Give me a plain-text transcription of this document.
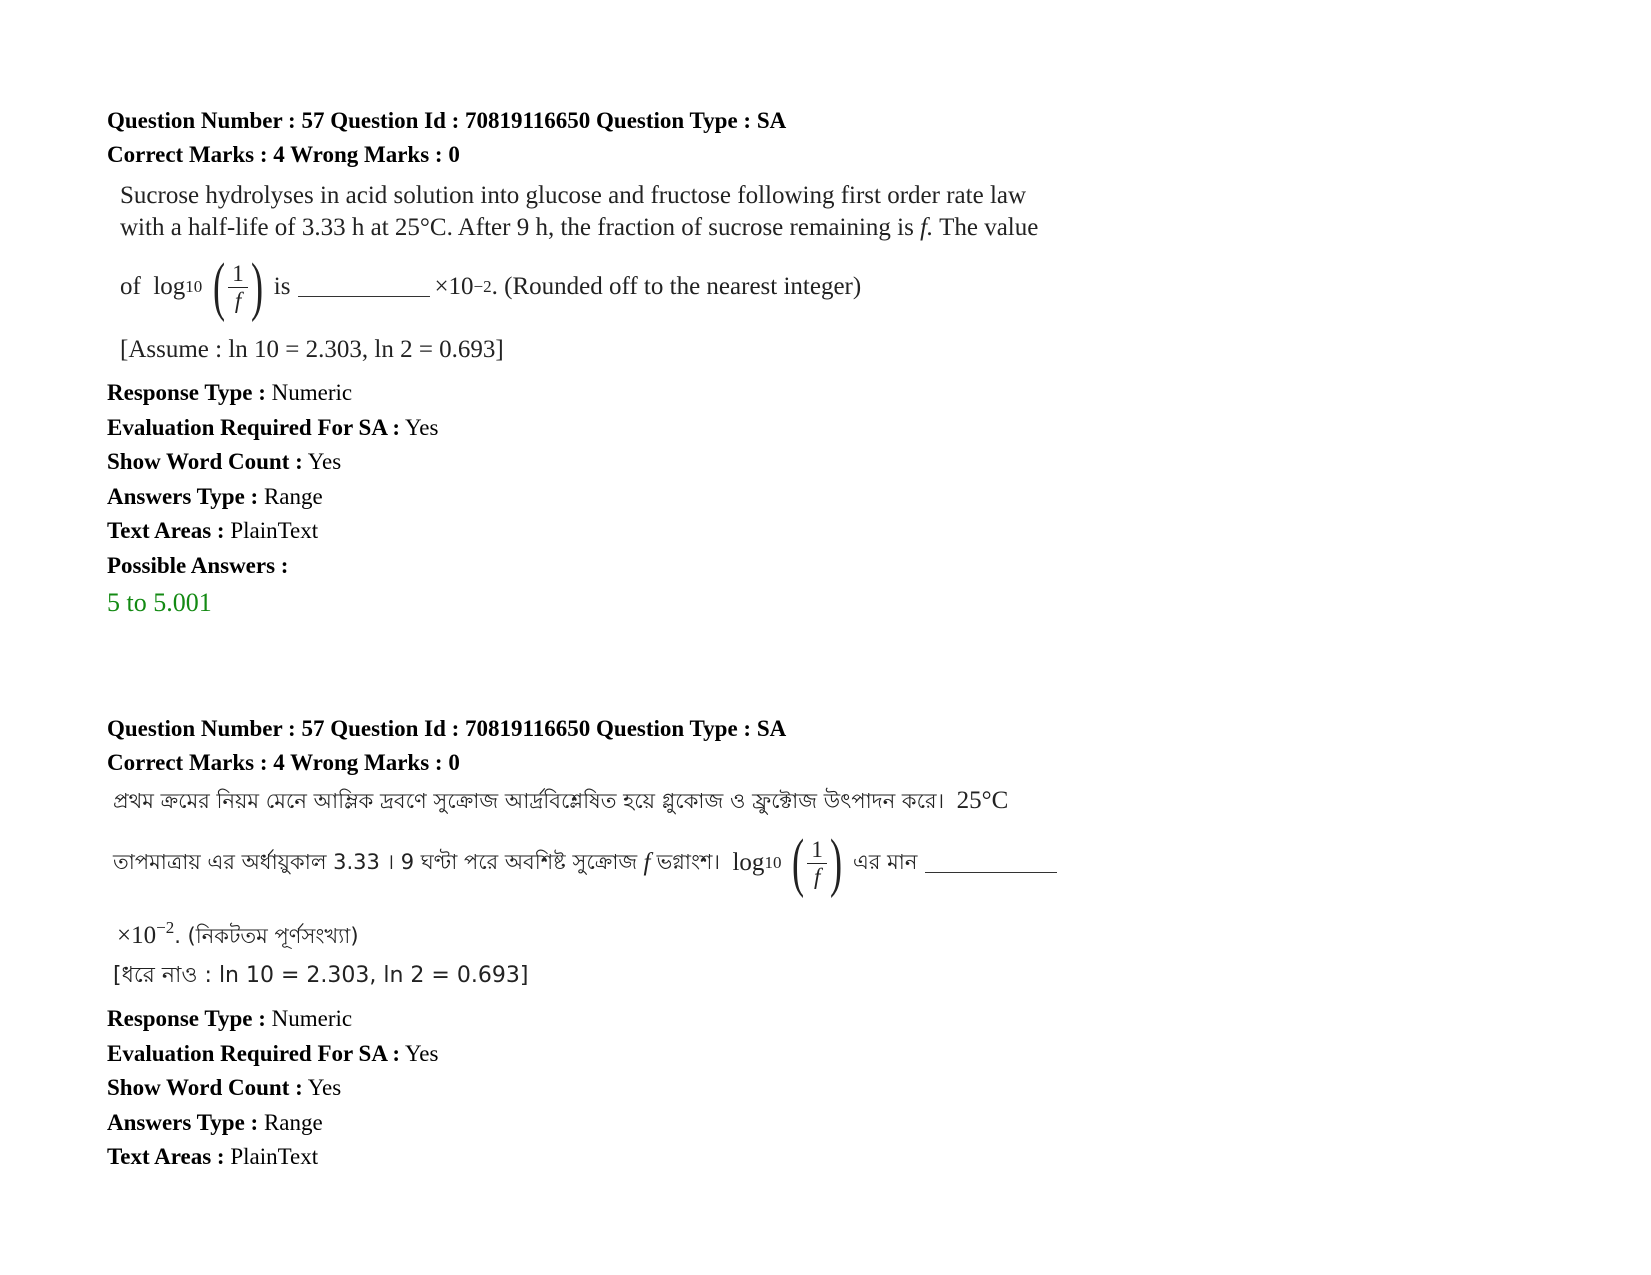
Question Number : 57 Question Id : 70819116650 Question Type : SA
Correct Marks : 4 Wrong Marks : 0
Sucrose hydrolyses in acid solution into glucose and fructose following first order rate law
with a half-life of 3.33 h at 25°C. After 9 h, the fraction of sucrose remaining is f. The value
of
log 10 ( $\frac{1}{f}$ ) is	×10 −2 . (Rounded off to the nearest integer)
[Assume : ln 10 = 2.303, ln 2 = 0.693]
Response Type : Numeric
Evaluation Required For SA : Yes
Show Word Count : Yes
Answers Type : Range
Text Areas : PlainText
Possible Answers :
5 to 5.001
Question Number : 57 Question Id : 70819116650 Question Type : SA
Correct Marks : 4 Wrong Marks : 0
প্রথম ক্রমের নিয়ম মেনে আম্লিক দ্রবণে সুক্রোজ আর্দ্রবিশ্লেষিত হয়ে গ্লুকোজ ও ফ্রুক্টোজ উৎপাদন করে। 25°C
তাপমাত্রায় এর অর্ধায়ুকাল 3.33 । 9 ঘণ্টা পরে অবশিষ্ট সুক্রোজ
f
ভগ্নাংশ।
log 10 ( $\frac{1}{f}$ ) এর মান
$\times 10^{-2}$. (নিকটতম পূর্ণসংখ্যা)
[ধরে নাও : ln 10 = 2.303, ln 2 = 0.693]
Response Type : Numeric
Evaluation Required For SA : Yes
Show Word Count : Yes
Answers Type : Range
Text Areas : PlainText
